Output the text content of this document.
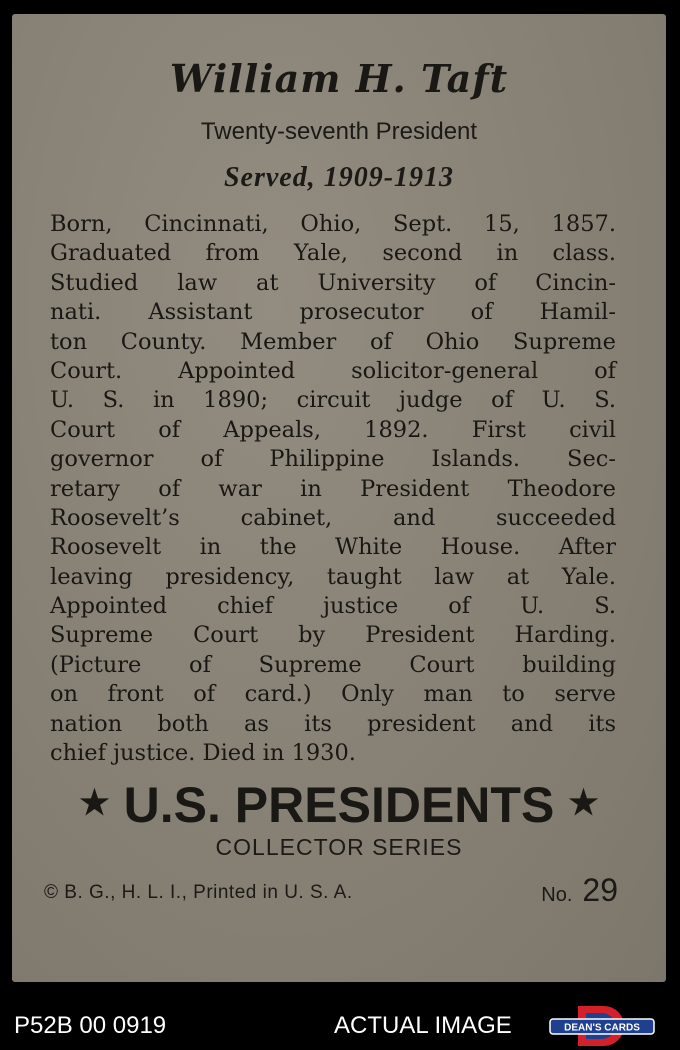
William H. Taft
Twenty-seventh President
Served, 1909-1913
Born, Cincinnati, Ohio, Sept. 15, 1857.
Graduated from Yale, second in class.
Studied law at University of Cincin-
nati. Assistant prosecutor of Hamil-
ton County. Member of Ohio Supreme
Court. Appointed solicitor-general of
U. S. in 1890; circuit judge of U. S.
Court of Appeals, 1892. First civil
governor of Philippine Islands. Sec-
retary of war in President Theodore
Roosevelt’s cabinet, and succeeded
Roosevelt in the White House. After
leaving presidency, taught law at Yale.
Appointed chief justice of U. S.
Supreme Court by President Harding.
(Picture of Supreme Court building
on front of card.) Only man to serve
nation both as its president and its
chief justice. Died in 1930.
★ U.S. PRESIDENTS ★
COLLECTOR SERIES
© B. G., H. L. I., Printed in U. S. A.	No. 29
P52B 00 0919	ACTUAL IMAGE	DEAN'S CARDS
